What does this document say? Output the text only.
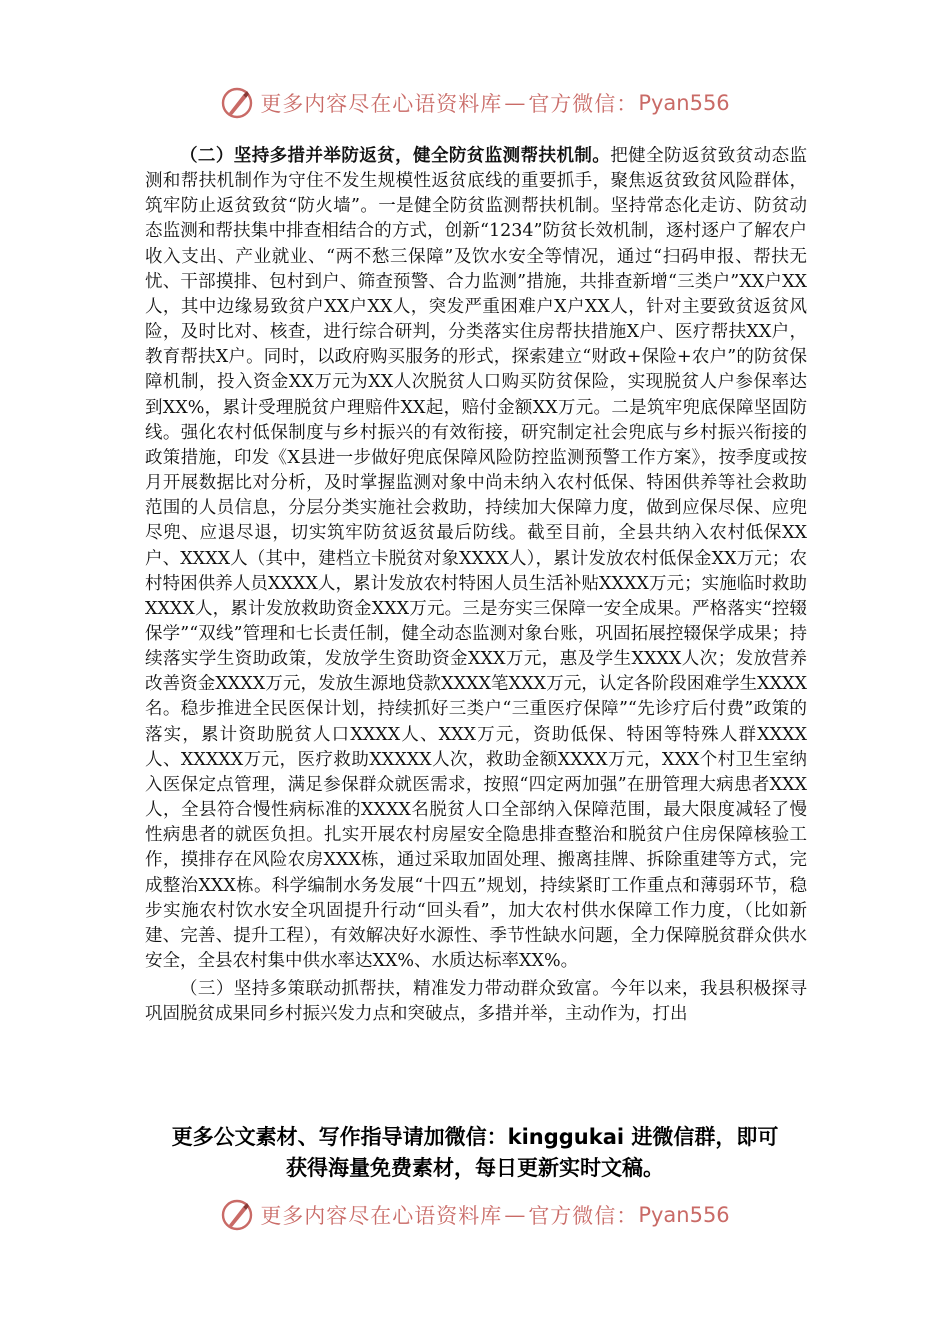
更多内容尽在心语资料库 — 官方微信： Pyan556

（二）坚持多措并举防返贫，健全防贫监测帮扶机制。把健全防返贫致贫动态监测和帮扶机制作为守住不发生规模性返贫底线的重要抓手，聚焦返贫致贫风险群体，筑牢防止返贫致贫“防火墙”。一是健全防贫监测帮扶机制。坚持常态化走访、防贫动态监测和帮扶集中排查相结合的方式，创新“1234”防贫长效机制，逐村逐户了解农户收入支出、产业就业、“两不愁三保障”及饮水安全等情况，通过“扫码申报、帮扶无忧、干部摸排、包村到户、筛查预警、合力监测”措施，共排查新增“三类户”XX户XX人，其中边缘易致贫户XX户XX人，突发严重困难户X户XX人，针对主要致贫返贫风险，及时比对、核查，进行综合研判，分类落实住房帮扶措施X户、医疗帮扶XX户，教育帮扶X户。同时，以政府购买服务的形式，探索建立“财政+保险+农户”的防贫保障机制，投入资金XX万元为XX人次脱贫人口购买防贫保险，实现脱贫人户参保率达到XX%，累计受理脱贫户理赔件XX起，赔付金额XX万元。二是筑牢兜底保障坚固防线。强化农村低保制度与乡村振兴的有效衔接，研究制定社会兜底与乡村振兴衔接的政策措施，印发《X县进一步做好兜底保障风险防控监测预警工作方案》，按季度或按月开展数据比对分析，及时掌握监测对象中尚未纳入农村低保、特困供养等社会救助范围的人员信息，分层分类实施社会救助，持续加大保障力度，做到应保尽保、应兜尽兜、应退尽退，切实筑牢防贫返贫最后防线。截至目前，全县共纳入农村低保XX户、XXXX人（其中，建档立卡脱贫对象XXXX人），累计发放农村低保金XX万元；农村特困供养人员XXXX人，累计发放农村特困人员生活补贴XXXX万元；实施临时救助XXXX人，累计发放救助资金XXX万元。三是夯实三保障一安全成果。严格落实“控辍保学”“双线”管理和七长责任制，健全动态监测对象台账，巩固拓展控辍保学成果；持续落实学生资助政策，发放学生资助资金XXX万元，惠及学生XXXX人次；发放营养改善资金XXXX万元，发放生源地贷款XXXX笔XXX万元，认定各阶段困难学生XXXX名。稳步推进全民医保计划，持续抓好三类户“三重医疗保障”“先诊疗后付费”政策的落实，累计资助脱贫人口XXXX人、XXX万元，资助低保、特困等特殊人群XXXX人、XXXXX万元，医疗救助XXXXX人次，救助金额XXXX万元，XXX个村卫生室纳入医保定点管理，满足参保群众就医需求，按照“四定两加强”在册管理大病患者XXX人，全县符合慢性病标准的XXXX名脱贫人口全部纳入保障范围，最大限度减轻了慢性病患者的就医负担。扎实开展农村房屋安全隐患排查整治和脱贫户住房保障核验工作，摸排存在风险农房XXX栋，通过采取加固处理、搬离挂牌、拆除重建等方式，完成整治XXX栋。科学编制水务发展“十四五”规划，持续紧盯工作重点和薄弱环节，稳步实施农村饮水安全巩固提升行动“回头看”，加大农村供水保障工作力度，（比如新建、完善、提升工程），有效解决好水源性、季节性缺水问题，全力保障脱贫群众供水安全，全县农村集中供水率达XX%、水质达标率XX%。

（三）坚持多策联动抓帮扶，精准发力带动群众致富。今年以来，我县积极探寻巩固脱贫成果同乡村振兴发力点和突破点，多措并举，主动作为，打出

更多公文素材、写作指导请加微信：kinggukai 进微信群，即可
获得海量免费素材，每日更新实时文稿。
更多内容尽在心语资料库 — 官方微信： Pyan556
